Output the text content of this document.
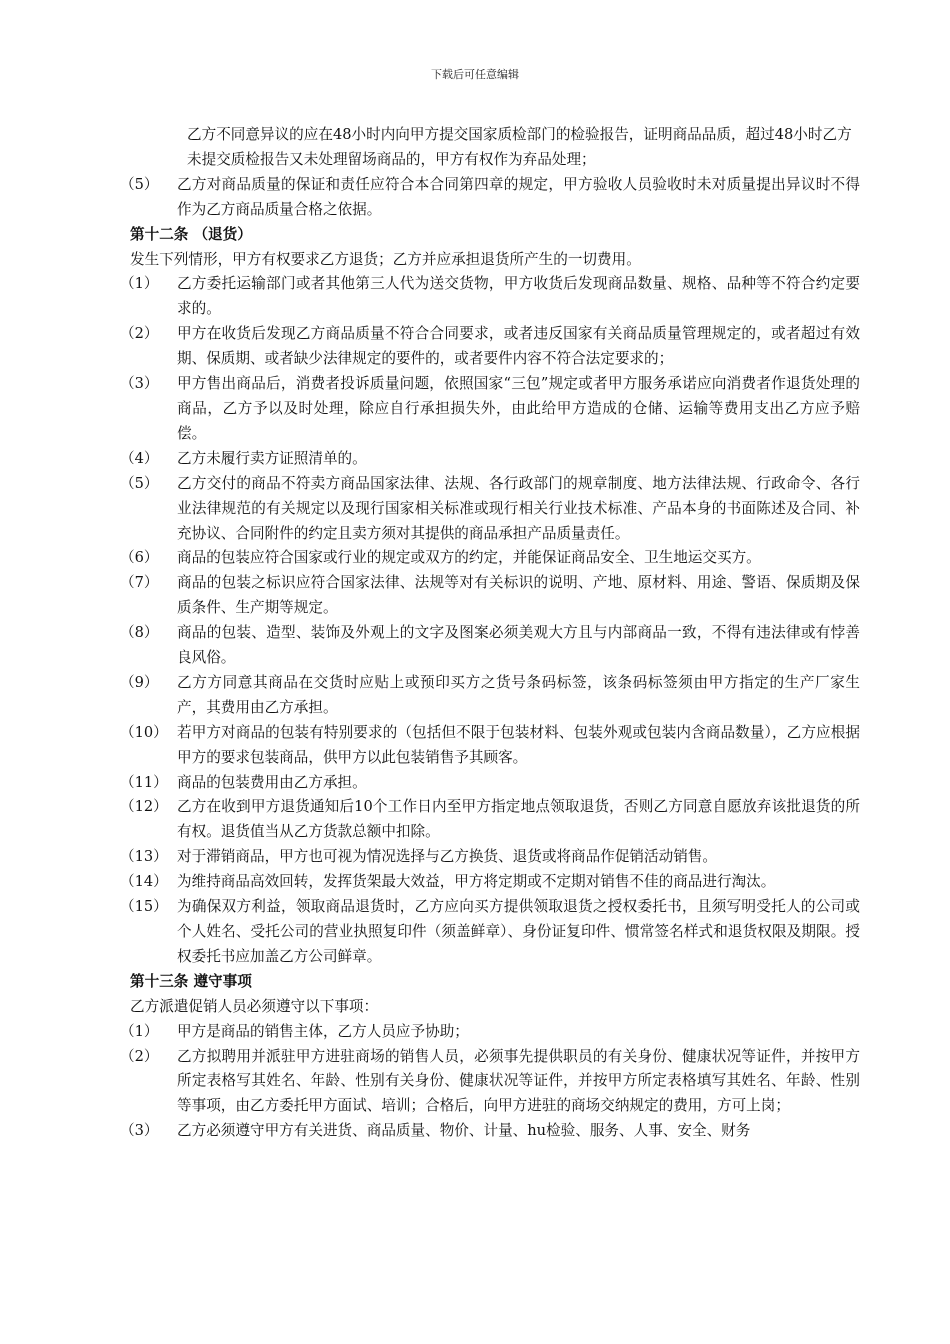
下载后可任意编辑
乙方不同意异议的应在48小时内向甲方提交国家质检部门的检验报告，证明商品品质，超过48小时乙方未提交质检报告又未处理留场商品的，甲方有权作为弃品处理；
（5）	乙方对商品质量的保证和责任应符合本合同第四章的规定，甲方验收人员验收时未对质量提出异议时不得作为乙方商品质量合格之依据。
第十二条 （退货）
发生下列情形，甲方有权要求乙方退货；乙方并应承担退货所产生的一切费用。
（1）	乙方委托运输部门或者其他第三人代为送交货物，甲方收货后发现商品数量、规格、品种等不符合约定要求的。
（2）	甲方在收货后发现乙方商品质量不符合合同要求，或者违反国家有关商品质量管理规定的，或者超过有效期、保质期、或者缺少法律规定的要件的，或者要件内容不符合法定要求的；
（3）	甲方售出商品后，消费者投诉质量问题，依照国家“三包”规定或者甲方服务承诺应向消费者作退货处理的商品，乙方予以及时处理，除应自行承担损失外，由此给甲方造成的仓储、运输等费用支出乙方应予赔偿。
（4）	乙方未履行卖方证照清单的。
（5）	乙方交付的商品不符卖方商品国家法律、法规、各行政部门的规章制度、地方法律法规、行政命令、各行业法律规范的有关规定以及现行国家相关标准或现行相关行业技术标准、产品本身的书面陈述及合同、补充协议、合同附件的约定且卖方须对其提供的商品承担产品质量责任。
（6）	商品的包装应符合国家或行业的规定或双方的约定，并能保证商品安全、卫生地运交买方。
（7）	商品的包装之标识应符合国家法律、法规等对有关标识的说明、产地、原材料、用途、警语、保质期及保质条件、生产期等规定。
（8）	商品的包装、造型、装饰及外观上的文字及图案必须美观大方且与内部商品一致，不得有违法律或有悖善良风俗。
（9）	乙方方同意其商品在交货时应贴上或预印买方之货号条码标签，该条码标签须由甲方指定的生产厂家生产，其费用由乙方承担。
（10） 若甲方对商品的包装有特别要求的（包括但不限于包装材料、包装外观或包装内含商品数量），乙方应根据甲方的要求包装商品，供甲方以此包装销售予其顾客。
（11） 商品的包装费用由乙方承担。
（12） 乙方在收到甲方退货通知后10个工作日内至甲方指定地点领取退货，否则乙方同意自愿放弃该批退货的所有权。退货值当从乙方货款总额中扣除。
（13） 对于滞销商品，甲方也可视为情况选择与乙方换货、退货或将商品作促销活动销售。
（14） 为维持商品高效回转，发挥货架最大效益，甲方将定期或不定期对销售不佳的商品进行淘汰。
（15） 为确保双方利益，领取商品退货时，乙方应向买方提供领取退货之授权委托书，且须写明受托人的公司或个人姓名、受托公司的营业执照复印件（须盖鲜章）、身份证复印件、惯常签名样式和退货权限及期限。授权委托书应加盖乙方公司鲜章。
第十三条 遵守事项
乙方派遣促销人员必须遵守以下事项：
（1）	甲方是商品的销售主体，乙方人员应予协助；
（2）	乙方拟聘用并派驻甲方进驻商场的销售人员，必须事先提供职员的有关身份、健康状况等证件，并按甲方所定表格写其姓名、年龄、性别有关身份、健康状况等证件，并按甲方所定表格填写其姓名、年龄、性别等事项，由乙方委托甲方面试、培训；合格后，向甲方进驻的商场交纳规定的费用，方可上岗；
（3）	乙方必须遵守甲方有关进货、商品质量、物价、计量、hu检验、服务、人事、安全、财务
